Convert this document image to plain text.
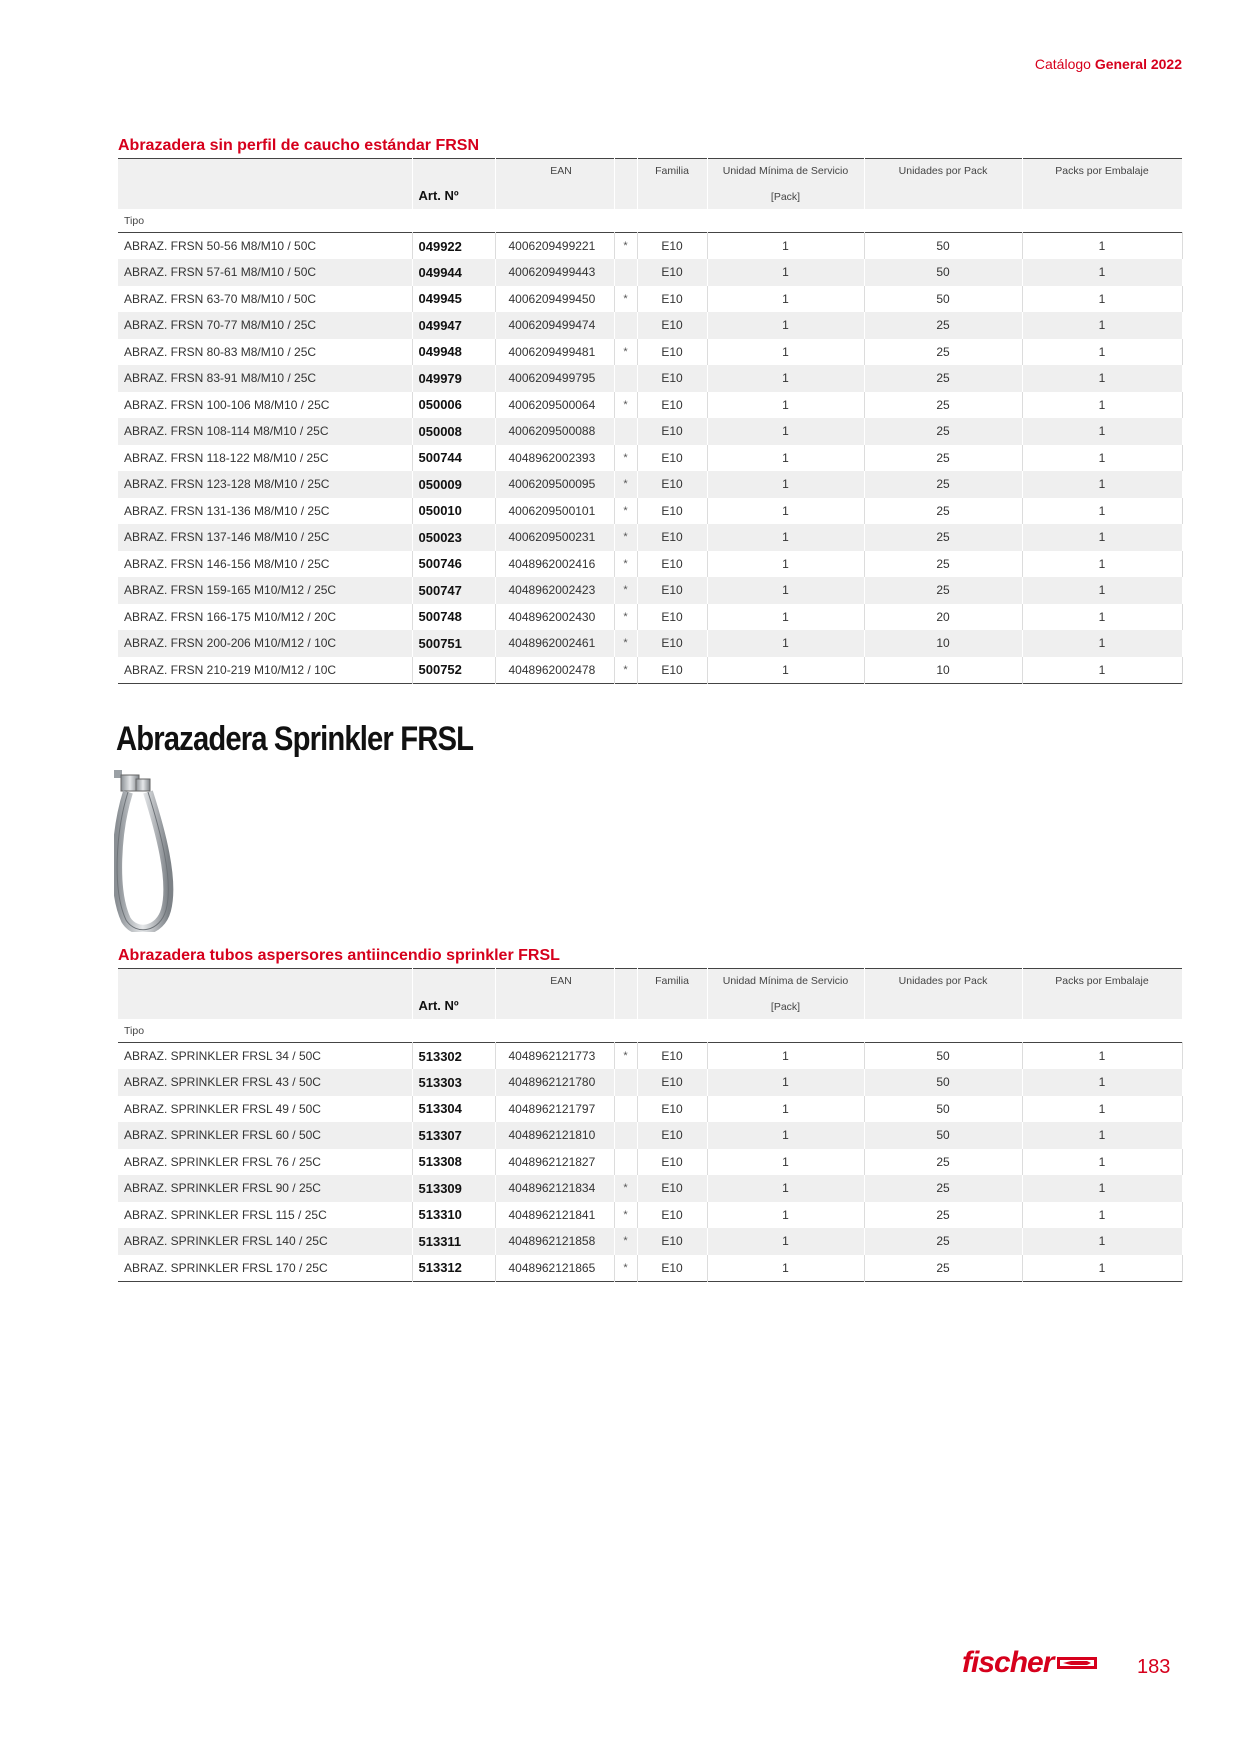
Catálogo General 2022
Abrazadera sin perfil de caucho estándar FRSN
	Art. Nº	EAN		Familia	Unidad Mínima de Servicio
[Pack]	Unidades por Pack	Packs por Embalaje
Tipo							
ABRAZ. FRSN 50-56 M8/M10 / 50C	049922	4006209499221	*	E10	1	50	1
ABRAZ. FRSN 57-61 M8/M10 / 50C	049944	4006209499443		E10	1	50	1
ABRAZ. FRSN 63-70 M8/M10 / 50C	049945	4006209499450	*	E10	1	50	1
ABRAZ. FRSN 70-77 M8/M10 / 25C	049947	4006209499474		E10	1	25	1
ABRAZ. FRSN 80-83 M8/M10 / 25C	049948	4006209499481	*	E10	1	25	1
ABRAZ. FRSN 83-91 M8/M10 / 25C	049979	4006209499795		E10	1	25	1
ABRAZ. FRSN 100-106 M8/M10 / 25C	050006	4006209500064	*	E10	1	25	1
ABRAZ. FRSN 108-114 M8/M10 / 25C	050008	4006209500088		E10	1	25	1
ABRAZ. FRSN 118-122 M8/M10 / 25C	500744	4048962002393	*	E10	1	25	1
ABRAZ. FRSN 123-128 M8/M10 / 25C	050009	4006209500095	*	E10	1	25	1
ABRAZ. FRSN 131-136 M8/M10 / 25C	050010	4006209500101	*	E10	1	25	1
ABRAZ. FRSN 137-146 M8/M10 / 25C	050023	4006209500231	*	E10	1	25	1
ABRAZ. FRSN 146-156 M8/M10 / 25C	500746	4048962002416	*	E10	1	25	1
ABRAZ. FRSN 159-165 M10/M12 / 25C	500747	4048962002423	*	E10	1	25	1
ABRAZ. FRSN 166-175 M10/M12 / 20C	500748	4048962002430	*	E10	1	20	1
ABRAZ. FRSN 200-206 M10/M12 / 10C	500751	4048962002461	*	E10	1	10	1
ABRAZ. FRSN 210-219 M10/M12 / 10C	500752	4048962002478	*	E10	1	10	1
Abrazadera Sprinkler FRSL
Abrazadera tubos aspersores antiincendio sprinkler FRSL
	Art. Nº	EAN		Familia	Unidad Mínima de Servicio
[Pack]	Unidades por Pack	Packs por Embalaje
Tipo							
ABRAZ. SPRINKLER FRSL 34 / 50C	513302	4048962121773	*	E10	1	50	1
ABRAZ. SPRINKLER FRSL 43 / 50C	513303	4048962121780		E10	1	50	1
ABRAZ. SPRINKLER FRSL 49 / 50C	513304	4048962121797		E10	1	50	1
ABRAZ. SPRINKLER FRSL 60 / 50C	513307	4048962121810		E10	1	50	1
ABRAZ. SPRINKLER FRSL 76 / 25C	513308	4048962121827		E10	1	25	1
ABRAZ. SPRINKLER FRSL 90 / 25C	513309	4048962121834	*	E10	1	25	1
ABRAZ. SPRINKLER FRSL 115 / 25C	513310	4048962121841	*	E10	1	25	1
ABRAZ. SPRINKLER FRSL 140 / 25C	513311	4048962121858	*	E10	1	25	1
ABRAZ. SPRINKLER FRSL 170 / 25C	513312	4048962121865	*	E10	1	25	1
fischer	183
